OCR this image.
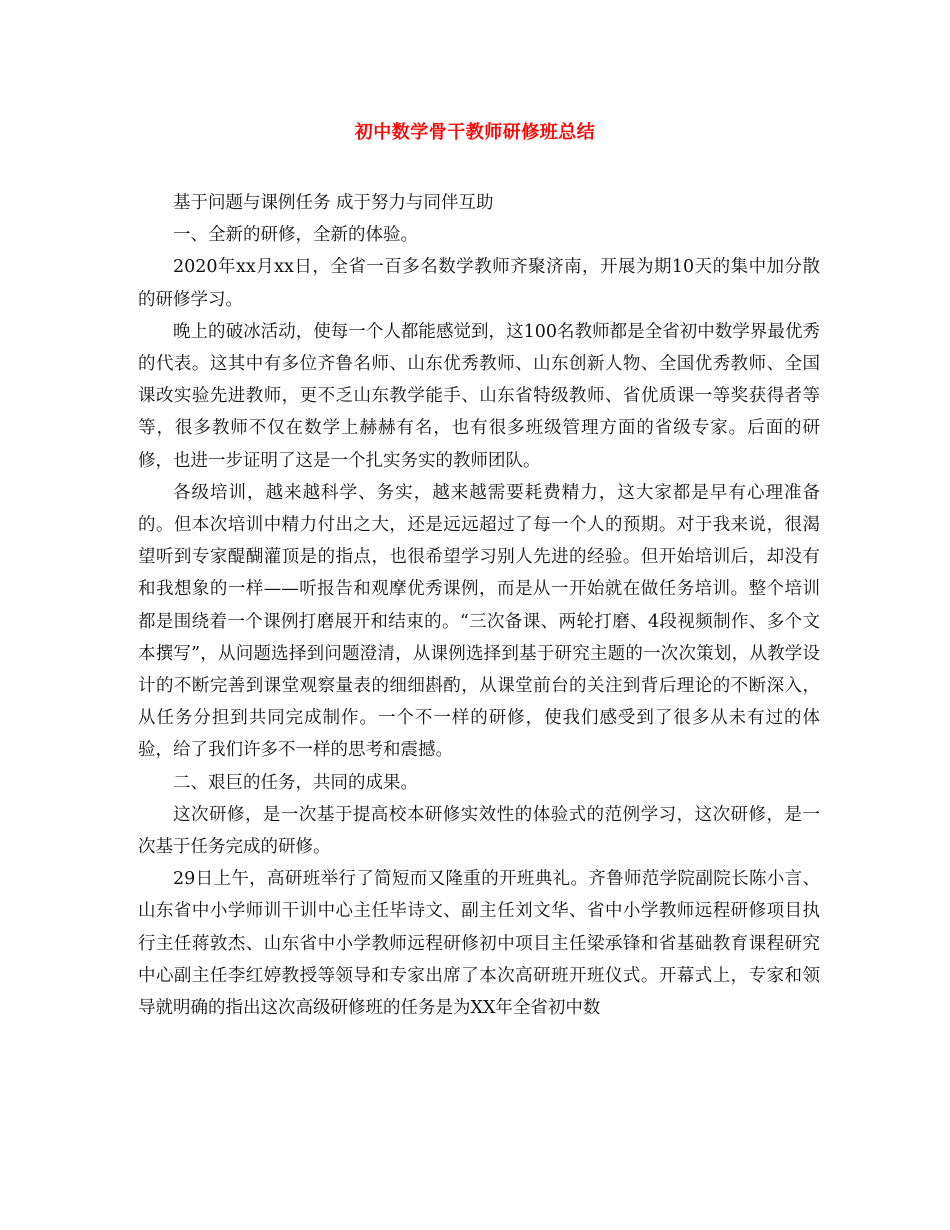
初中数学骨干教师研修班总结

基于问题与课例任务 成于努力与同伴互助

一、全新的研修，全新的体验。

2020年xx月xx日，全省一百多名数学教师齐聚济南，开展为期10天的集中加分散的研修学习。

晚上的破冰活动，使每一个人都能感觉到，这100名教师都是全省初中数学界最优秀的代表。这其中有多位齐鲁名师、山东优秀教师、山东创新人物、全国优秀教师、全国课改实验先进教师，更不乏山东教学能手、山东省特级教师、省优质课一等奖获得者等等，很多教师不仅在数学上赫赫有名，也有很多班级管理方面的省级专家。后面的研修，也进一步证明了这是一个扎实务实的教师团队。

各级培训，越来越科学、务实，越来越需要耗费精力，这大家都是早有心理准备的。但本次培训中精力付出之大，还是远远超过了每一个人的预期。对于我来说，很渴望听到专家醍醐灌顶是的指点，也很希望学习别人先进的经验。但开始培训后，却没有和我想象的一样——听报告和观摩优秀课例，而是从一开始就在做任务培训。整个培训都是围绕着一个课例打磨展开和结束的。“三次备课、两轮打磨、4段视频制作、多个文本撰写”，从问题选择到问题澄清，从课例选择到基于研究主题的一次次策划，从教学设计的不断完善到课堂观察量表的细细斟酌，从课堂前台的关注到背后理论的不断深入，从任务分担到共同完成制作。一个不一样的研修，使我们感受到了很多从未有过的体验，给了我们许多不一样的思考和震撼。

二、艰巨的任务，共同的成果。

这次研修，是一次基于提高校本研修实效性的体验式的范例学习，这次研修，是一次基于任务完成的研修。

29日上午，高研班举行了简短而又隆重的开班典礼。齐鲁师范学院副院长陈小言、山东省中小学师训干训中心主任毕诗文、副主任刘文华、省中小学教师远程研修项目执行主任蒋敦杰、山东省中小学教师远程研修初中项目主任梁承锋和省基础教育课程研究中心副主任李红婷教授等领导和专家出席了本次高研班开班仪式。开幕式上，专家和领导就明确的指出这次高级研修班的任务是为XX年全省初中数
